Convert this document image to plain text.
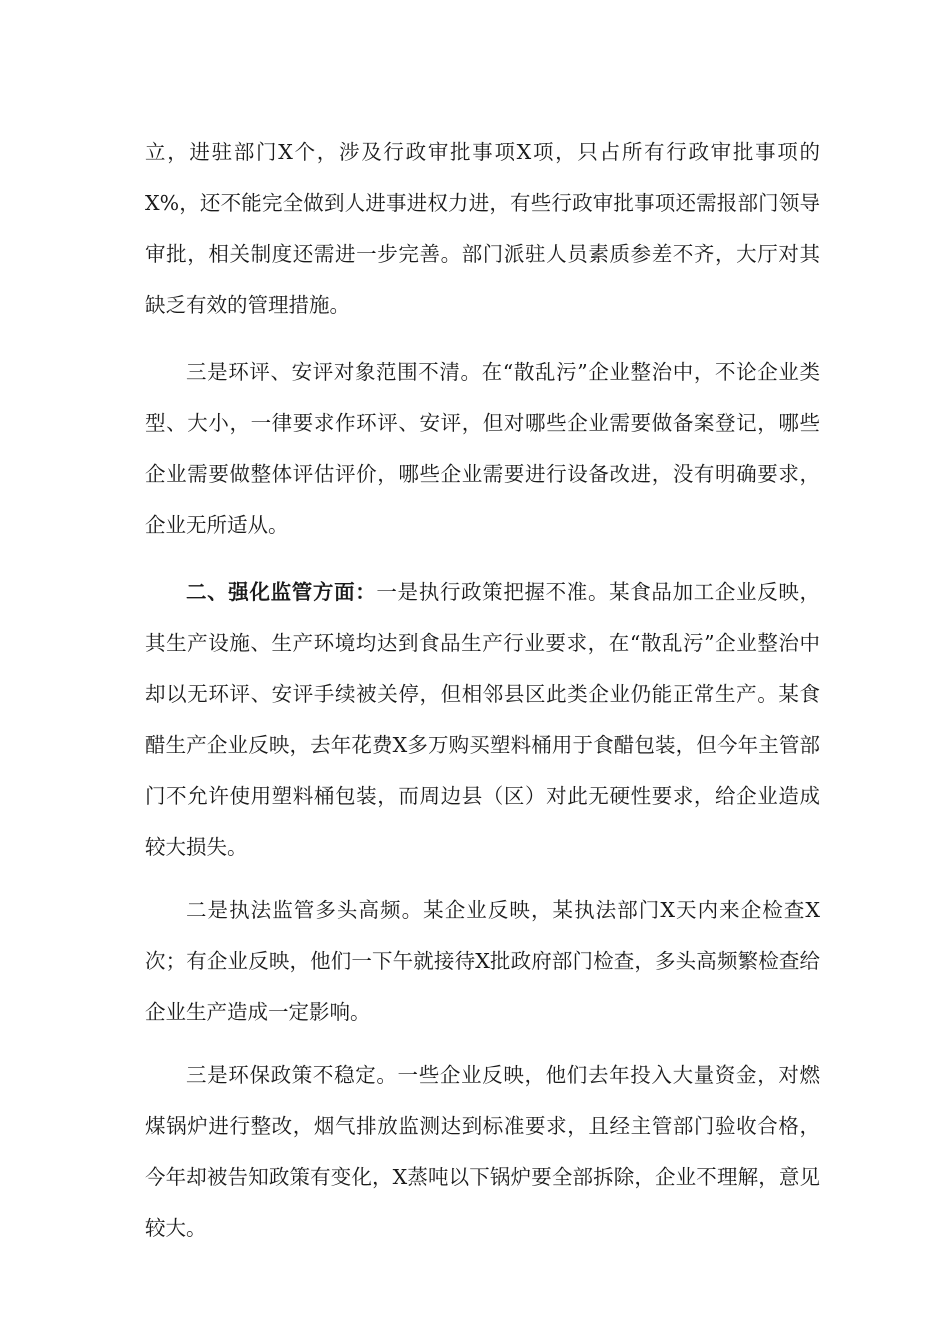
立，进驻部门X个，涉及行政审批事项X项，只占所有行政审批事项的X%，还不能完全做到人进事进权力进，有些行政审批事项还需报部门领导审批，相关制度还需进一步完善。部门派驻人员素质参差不齐，大厅对其缺乏有效的管理措施。

三是环评、安评对象范围不清。在“散乱污”企业整治中，不论企业类型、大小，一律要求作环评、安评，但对哪些企业需要做备案登记，哪些企业需要做整体评估评价，哪些企业需要进行设备改进，没有明确要求，企业无所适从。

二、强化监管方面：一是执行政策把握不准。某食品加工企业反映，其生产设施、生产环境均达到食品生产行业要求，在“散乱污”企业整治中却以无环评、安评手续被关停，但相邻县区此类企业仍能正常生产。某食醋生产企业反映，去年花费X多万购买塑料桶用于食醋包装，但今年主管部门不允许使用塑料桶包装，而周边县（区）对此无硬性要求，给企业造成较大损失。

二是执法监管多头高频。某企业反映，某执法部门X天内来企检查X次；有企业反映，他们一下午就接待X批政府部门检查，多头高频繁检查给企业生产造成一定影响。

三是环保政策不稳定。一些企业反映，他们去年投入大量资金，对燃煤锅炉进行整改，烟气排放监测达到标准要求，且经主管部门验收合格，今年却被告知政策有变化，X蒸吨以下锅炉要全部拆除，企业不理解，意见较大。
